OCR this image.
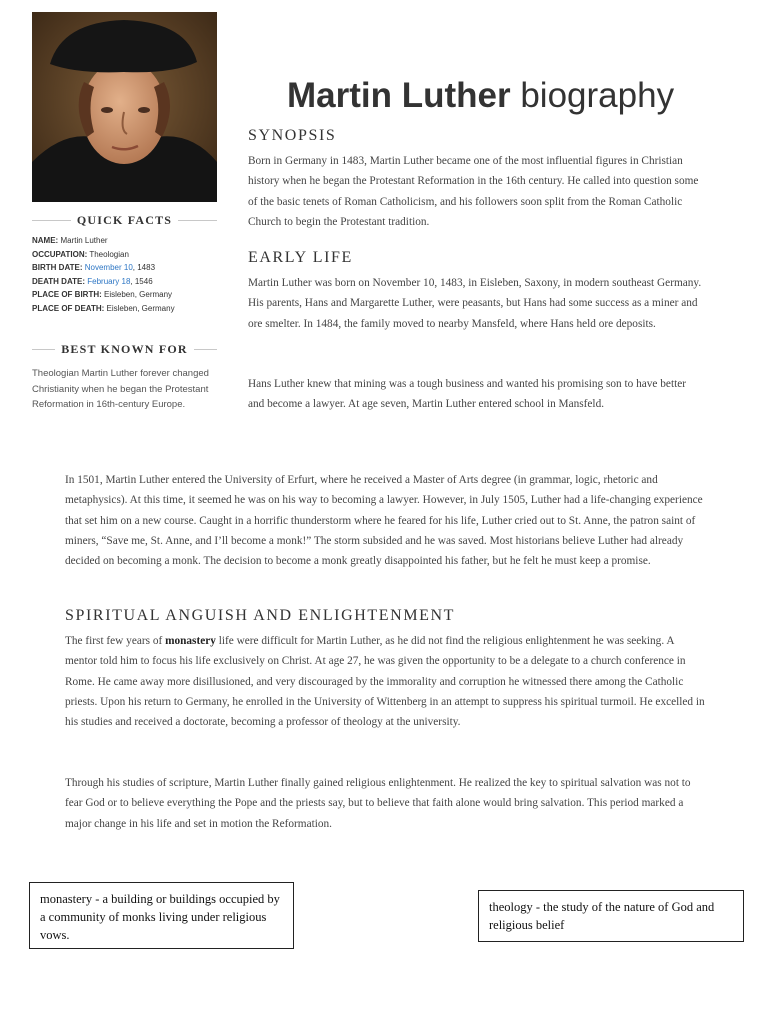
QUICK FACTS
NAME: Martin Luther
OCCUPATION: Theologian
BIRTH DATE: November 10, 1483
DEATH DATE: February 18, 1546
PLACE OF BIRTH: Eisleben, Germany
PLACE OF DEATH: Eisleben, Germany
BEST KNOWN FOR
Theologian Martin Luther forever changed Christianity when he began the Protestant Reformation in 16th-century Europe.
Martin Luther biography
SYNOPSIS

Born in Germany in 1483, Martin Luther became one of the most influential figures in Christian history when he began the Protestant Reformation in the 16th century. He called into question some of the basic tenets of Roman Catholicism, and his followers soon split from the Roman Catholic Church to begin the Protestant tradition.

EARLY LIFE

Martin Luther was born on November 10, 1483, in Eisleben, Saxony, in modern southeast Germany. His parents, Hans and Margarette Luther, were peasants, but Hans had some success as a miner and ore smelter. In 1484, the family moved to nearby Mansfeld, where Hans held ore deposits.

Hans Luther knew that mining was a tough business and wanted his promising son to have better and become a lawyer. At age seven, Martin Luther entered school in Mansfeld.

In 1501, Martin Luther entered the University of Erfurt, where he received a Master of Arts degree (in grammar, logic, rhetoric and metaphysics). At this time, it seemed he was on his way to becoming a lawyer. However, in July 1505, Luther had a life-changing experience that set him on a new course. Caught in a horrific thunderstorm where he feared for his life, Luther cried out to St. Anne, the patron saint of miners, “Save me, St. Anne, and I’ll become a monk!” The storm subsided and he was saved. Most historians believe Luther had already decided on becoming a monk. The decision to become a monk greatly disappointed his father, but he felt he must keep a promise.

SPIRITUAL ANGUISH AND ENLIGHTENMENT

The first few years of monastery life were difficult for Martin Luther, as he did not find the religious enlightenment he was seeking. A mentor told him to focus his life exclusively on Christ. At age 27, he was given the opportunity to be a delegate to a church conference in Rome. He came away more disillusioned, and very discouraged by the immorality and corruption he witnessed there among the Catholic priests. Upon his return to Germany, he enrolled in the University of Wittenberg in an attempt to suppress his spiritual turmoil. He excelled in his studies and received a doctorate, becoming a professor of theology at the university.

Through his studies of scripture, Martin Luther finally gained religious enlightenment. He realized the key to spiritual salvation was not to fear God or to believe everything the Pope and the priests say, but to believe that faith alone would bring salvation. This period marked a major change in his life and set in motion the Reformation.

monastery - a building or buildings occupied by a community of monks living under religious vows.
theology - the study of the nature of God and religious belief
